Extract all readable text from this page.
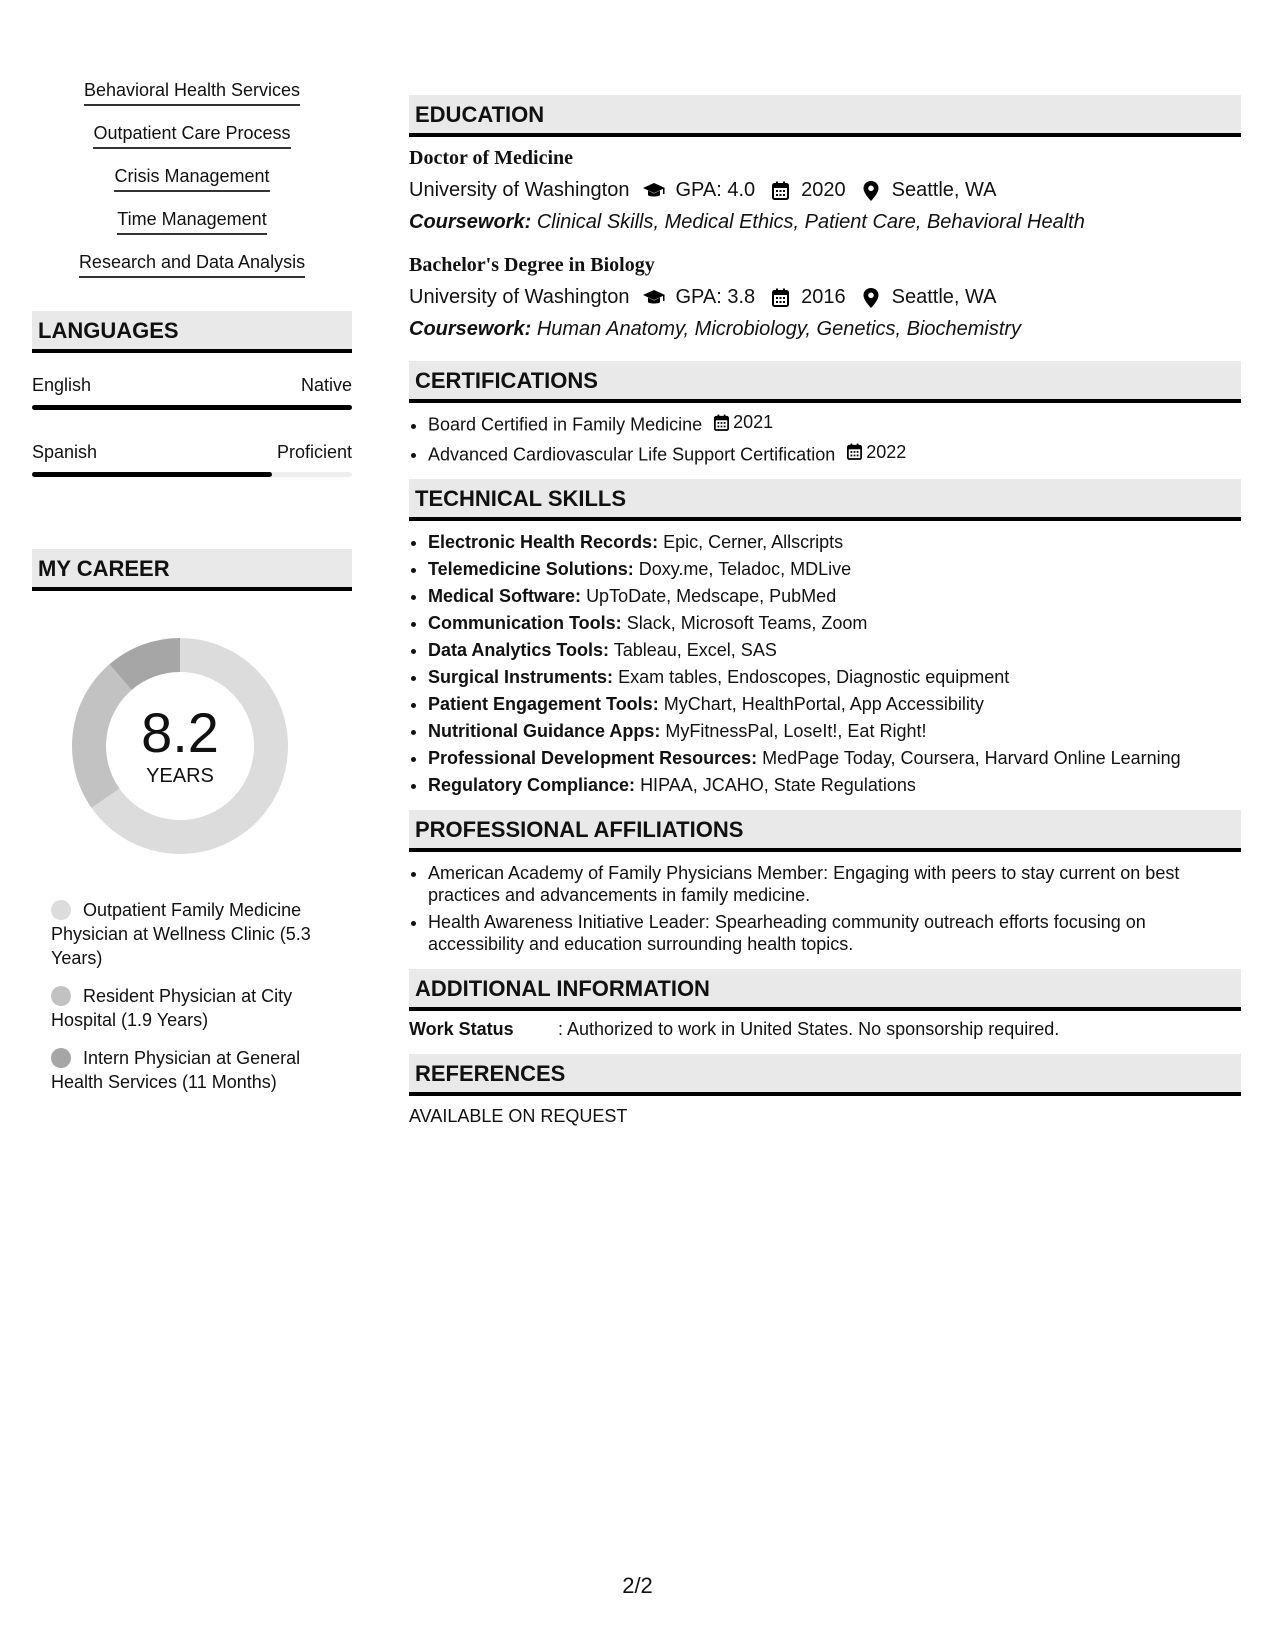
Behavioral Health Services
Outpatient Care Process
Crisis Management
Time Management
Research and Data Analysis
LANGUAGES
English	Native
Spanish	Proficient
MY CAREER
8.2
YEARS
Outpatient Family Medicine Physician at Wellness Clinic (5.3 Years)
Resident Physician at City Hospital (1.9 Years)
Intern Physician at General Health Services (11 Months)
EDUCATION
Doctor of Medicine
University of Washington GPA: 4.0 2020 Seattle, WA
Coursework: Clinical Skills, Medical Ethics, Patient Care, Behavioral Health
Bachelor's Degree in Biology
University of Washington GPA: 3.8 2016 Seattle, WA
Coursework: Human Anatomy, Microbiology, Genetics, Biochemistry
CERTIFICATIONS
• Board Certified in Family Medicine 2021
• Advanced Cardiovascular Life Support Certification 2022
TECHNICAL SKILLS
• Electronic Health Records: Epic, Cerner, Allscripts
• Telemedicine Solutions: Doxy.me, Teladoc, MDLive
• Medical Software: UpToDate, Medscape, PubMed
• Communication Tools: Slack, Microsoft Teams, Zoom
• Data Analytics Tools: Tableau, Excel, SAS
• Surgical Instruments: Exam tables, Endoscopes, Diagnostic equipment
• Patient Engagement Tools: MyChart, HealthPortal, App Accessibility
• Nutritional Guidance Apps: MyFitnessPal, LoseIt!, Eat Right!
• Professional Development Resources: MedPage Today, Coursera, Harvard Online Learning
• Regulatory Compliance: HIPAA, JCAHO, State Regulations
PROFESSIONAL AFFILIATIONS
• American Academy of Family Physicians Member: Engaging with peers to stay current on best practices and advancements in family medicine.
• Health Awareness Initiative Leader: Spearheading community outreach efforts focusing on accessibility and education surrounding health topics.
ADDITIONAL INFORMATION
Work Status	: Authorized to work in United States. No sponsorship required.
REFERENCES
AVAILABLE ON REQUEST
2/2
